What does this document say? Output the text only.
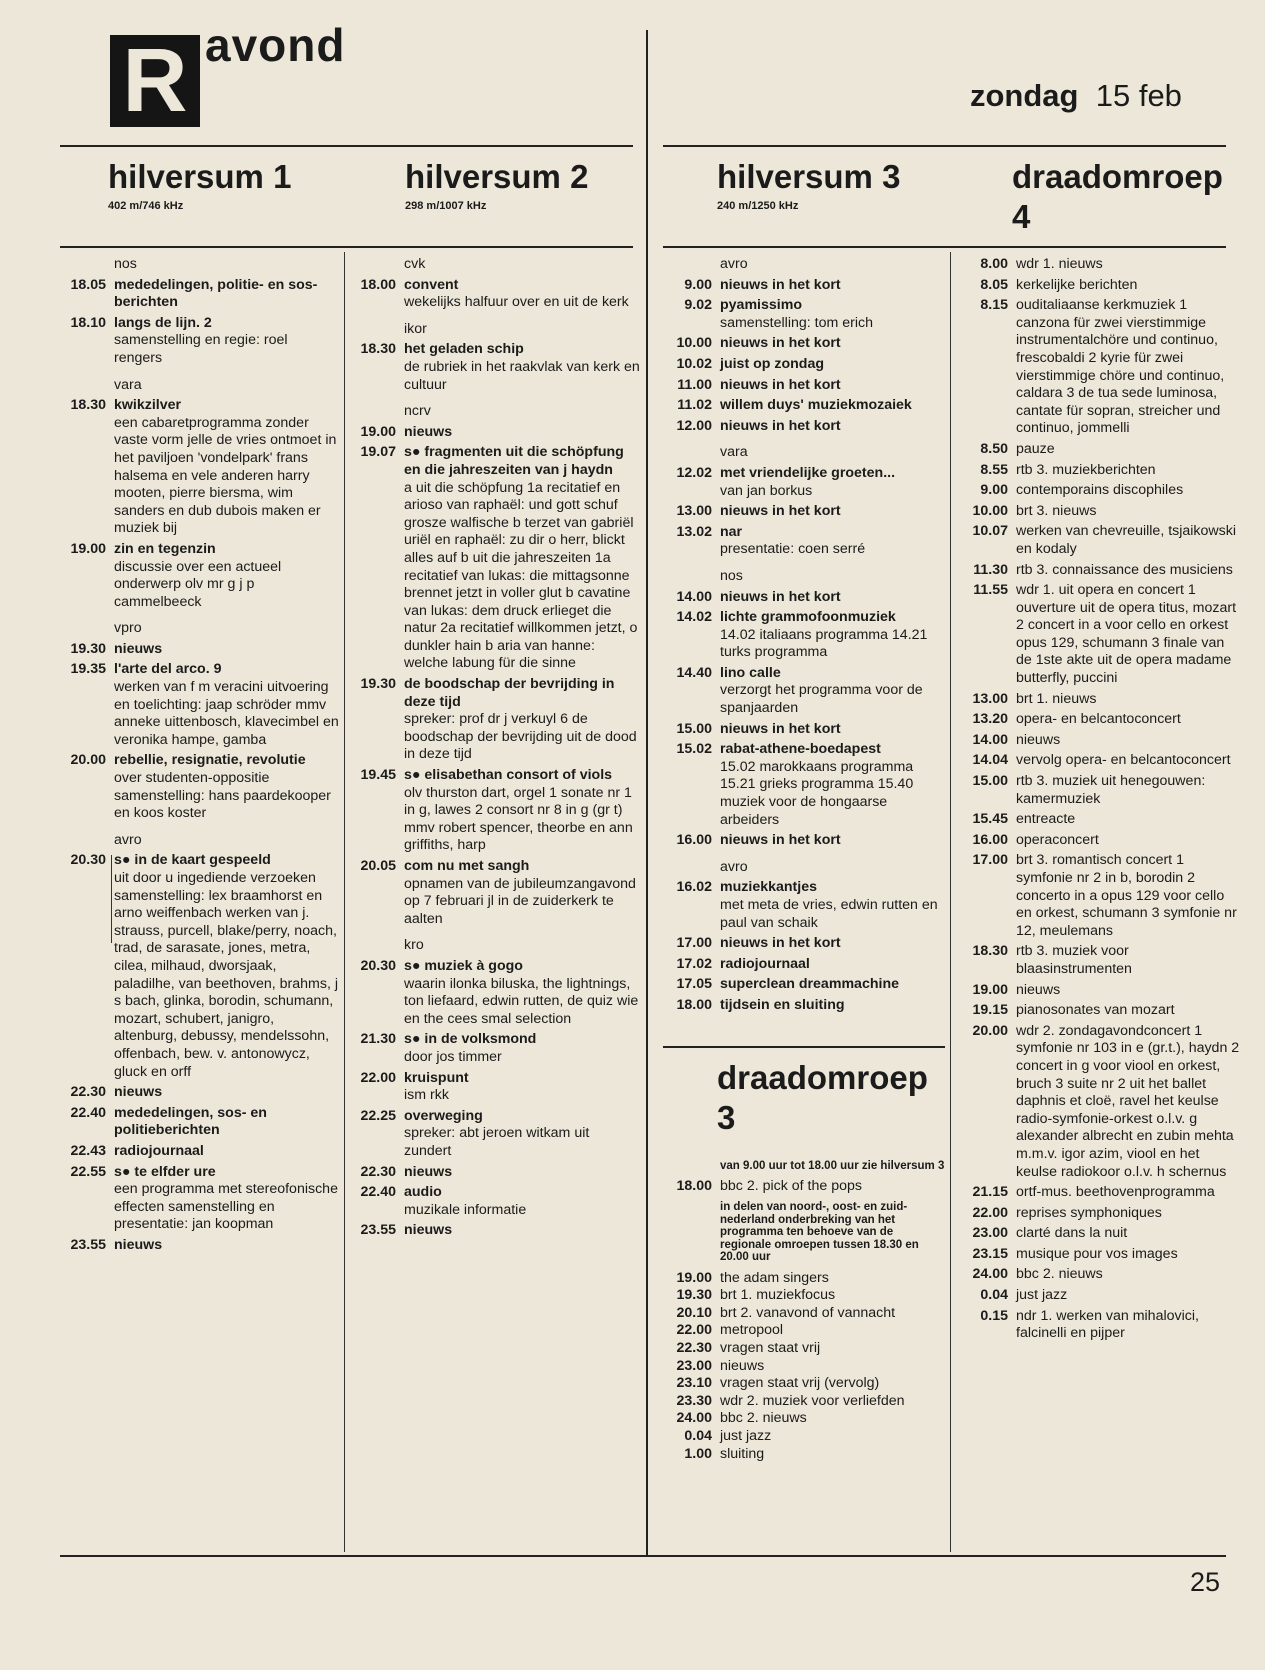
R avond
zondag 15 feb
hilversum 1
402 m/746 kHz
hilversum 2
298 m/1007 kHz
hilversum 3
240 m/1250 kHz
draadomroep
4
nos
18.05 mededelingen, politie- en sos-berichten
18.10 langs de lijn. 2
samenstelling en regie: roel rengers
vara
18.30 kwikzilver
een cabaretprogramma zonder vaste vorm jelle de vries ontmoet in het paviljoen 'vondelpark' frans halsema en vele anderen harry mooten, pierre biersma, wim sanders en dub dubois maken er muziek bij
19.00 zin en tegenzin
discussie over een actueel onderwerp olv mr g j p cammelbeeck
vpro
19.30 nieuws
19.35 l'arte del arco. 9
werken van f m veracini uitvoering en toelichting: jaap schröder mmv anneke uittenbosch, klavecimbel en veronika hampe, gamba
20.00 rebellie, resignatie, revolutie
over studenten-oppositie samenstelling: hans paardekooper en koos koster
avro
20.30 s● in de kaart gespeeld
uit door u ingediende verzoeken samenstelling: lex braamhorst en arno weiffenbach werken van j. strauss, purcell, blake/perry, noach, trad, de sarasate, jones, metra, cilea, milhaud, dworsjaak, paladilhe, van beethoven, brahms, j s bach, glinka, borodin, schumann, mozart, schubert, janigro, altenburg, debussy, mendelssohn, offenbach, bew. v. antonowycz, gluck en orff
22.30 nieuws
22.40 mededelingen, sos- en politieberichten
22.43 radiojournaal
22.55 s● te elfder ure
een programma met stereofonische effecten samenstelling en presentatie: jan koopman
23.55 nieuws
cvk
18.00 convent
wekelijks halfuur over en uit de kerk
ikor
18.30 het geladen schip
de rubriek in het raakvlak van kerk en cultuur
ncrv
19.00 nieuws
19.07 s● fragmenten uit die schöpfung en die jahreszeiten van j haydn
a uit die schöpfung 1a recitatief en arioso van raphaël: und gott schuf grosze walfische b terzet van gabriël uriël en raphaël: zu dir o herr, blickt alles auf b uit die jahreszeiten 1a recitatief van lukas: die mittagsonne brennet jetzt in voller glut b cavatine van lukas: dem druck erlieget die natur 2a recitatief willkommen jetzt, o dunkler hain b aria van hanne: welche labung für die sinne
19.30 de boodschap der bevrijding in deze tijd
spreker: prof dr j verkuyl 6 de boodschap der bevrijding uit de dood in deze tijd
19.45 s● elisabethan consort of viols
olv thurston dart, orgel 1 sonate nr 1 in g, lawes 2 consort nr 8 in g (gr t) mmv robert spencer, theorbe en ann griffiths, harp
20.05 com nu met sangh
opnamen van de jubileumzangavond op 7 februari jl in de zuiderkerk te aalten
kro
20.30 s● muziek à gogo
waarin ilonka biluska, the lightnings, ton liefaard, edwin rutten, de quiz wie en the cees smal selection
21.30 s● in de volksmond
door jos timmer
22.00 kruispunt
ism rkk
22.25 overweging
spreker: abt jeroen witkam uit zundert
22.30 nieuws
22.40 audio
muzikale informatie
23.55 nieuws
avro
9.00 nieuws in het kort
9.02 pyamissimo
samenstelling: tom erich
10.00 nieuws in het kort
10.02 juist op zondag
11.00 nieuws in het kort
11.02 willem duys' muziekmozaiek
12.00 nieuws in het kort
vara
12.02 met vriendelijke groeten...
van jan borkus
13.00 nieuws in het kort
13.02 nar
presentatie: coen serré
nos
14.00 nieuws in het kort
14.02 lichte grammofoonmuziek
14.02 italiaans programma 14.21 turks programma
14.40 lino calle
verzorgt het programma voor de spanjaarden
15.00 nieuws in het kort
15.02 rabat-athene-boedapest
15.02 marokkaans programma 15.21 grieks programma 15.40 muziek voor de hongaarse arbeiders
16.00 nieuws in het kort
avro
16.02 muziekkantjes
met meta de vries, edwin rutten en paul van schaik
17.00 nieuws in het kort
17.02 radiojournaal
17.05 superclean dreammachine
18.00 tijdsein en sluiting
8.00 wdr 1. nieuws
8.05 kerkelijke berichten
8.15 ouditaliaanse kerkmuziek 1 canzona für zwei vierstimmige instrumentalchöre und continuo, frescobaldi 2 kyrie für zwei vierstimmige chöre und continuo, caldara 3 de tua sede luminosa, cantate für sopran, streicher und continuo, jommelli
8.50 pauze
8.55 rtb 3. muziekberichten
9.00 contemporains discophiles
10.00 brt 3. nieuws
10.07 werken van chevreuille, tsjaikowski en kodaly
11.30 rtb 3. connaissance des musiciens
11.55 wdr 1. uit opera en concert 1 ouverture uit de opera titus, mozart 2 concert in a voor cello en orkest opus 129, schumann 3 finale van de 1ste akte uit de opera madame butterfly, puccini
13.00 brt 1. nieuws
13.20 opera- en belcantoconcert
14.00 nieuws
14.04 vervolg opera- en belcantoconcert
15.00 rtb 3. muziek uit henegouwen: kamermuziek
15.45 entreacte
16.00 operaconcert
17.00 brt 3. romantisch concert 1 symfonie nr 2 in b, borodin 2 concerto in a opus 129 voor cello en orkest, schumann 3 symfonie nr 12, meulemans
18.30 rtb 3. muziek voor blaasinstrumenten
19.00 nieuws
19.15 pianosonates van mozart
20.00 wdr 2. zondagavondconcert 1 symfonie nr 103 in e (gr.t.), haydn 2 concert in g voor viool en orkest, bruch 3 suite nr 2 uit het ballet daphnis et cloë, ravel het keulse radio-symfonie-orkest o.l.v. g alexander albrecht en zubin mehta m.m.v. igor azim, viool en het keulse radiokoor o.l.v. h schernus
21.15 ortf-mus. beethovenprogramma
22.00 reprises symphoniques
23.00 clarté dans la nuit
23.15 musique pour vos images
24.00 bbc 2. nieuws
0.04 just jazz
0.15 ndr 1. werken van mihalovici, falcinelli en pijper
draadomroep
3
van 9.00 uur tot 18.00 uur zie hilversum 3
18.00 bbc 2. pick of the pops
in delen van noord-, oost- en zuid-nederland onderbreking van het programma ten behoeve van de regionale omroepen tussen 18.30 en 20.00 uur
19.00 the adam singers
19.30 brt 1. muziekfocus
20.10 brt 2. vanavond of vannacht
22.00 metropool
22.30 vragen staat vrij
23.00 nieuws
23.10 vragen staat vrij (vervolg)
23.30 wdr 2. muziek voor verliefden
24.00 bbc 2. nieuws
0.04 just jazz
1.00 sluiting
25
